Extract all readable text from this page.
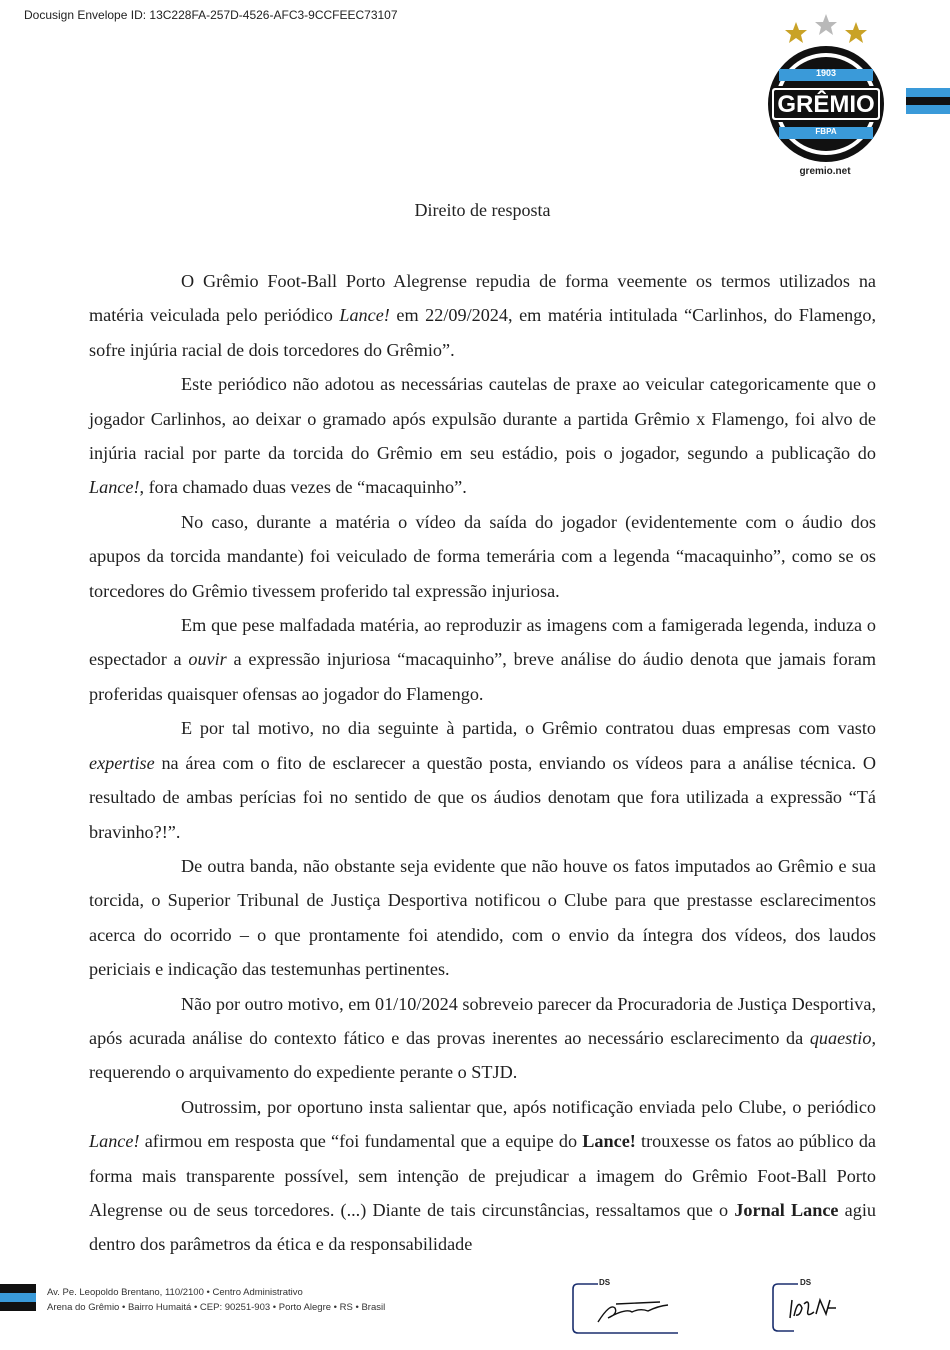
Docusign Envelope ID: 13C228FA-257D-4526-AFC3-9CCFEEC73107
1903
GRÊMIO
FBPA
gremio.net
Direito de resposta

O Grêmio Foot-Ball Porto Alegrense repudia de forma veemente os termos utilizados na matéria veiculada pelo periódico Lance! em 22/09/2024, em matéria intitulada “Carlinhos, do Flamengo, sofre injúria racial de dois torcedores do Grêmio”.

Este periódico não adotou as necessárias cautelas de praxe ao veicular categoricamente que o jogador Carlinhos, ao deixar o gramado após expulsão durante a partida Grêmio x Flamengo, foi alvo de injúria racial por parte da torcida do Grêmio em seu estádio, pois o jogador, segundo a publicação do Lance!, fora chamado duas vezes de “macaquinho”.

No caso, durante a matéria o vídeo da saída do jogador (evidentemente com o áudio dos apupos da torcida mandante) foi veiculado de forma temerária com a legenda “macaquinho”, como se os torcedores do Grêmio tivessem proferido tal expressão injuriosa.

Em que pese malfadada matéria, ao reproduzir as imagens com a famigerada legenda, induza o espectador a ouvir a expressão injuriosa “macaquinho”, breve análise do áudio denota que jamais foram proferidas quaisquer ofensas ao jogador do Flamengo.

E por tal motivo, no dia seguinte à partida, o Grêmio contratou duas empresas com vasto expertise na área com o fito de esclarecer a questão posta, enviando os vídeos para a análise técnica. O resultado de ambas perícias foi no sentido de que os áudios denotam que fora utilizada a expressão “Tá bravinho?!”.

De outra banda, não obstante seja evidente que não houve os fatos imputados ao Grêmio e sua torcida, o Superior Tribunal de Justiça Desportiva notificou o Clube para que prestasse esclarecimentos acerca do ocorrido – o que prontamente foi atendido, com o envio da íntegra dos vídeos, dos laudos periciais e indicação das testemunhas pertinentes.

Não por outro motivo, em 01/10/2024 sobreveio parecer da Procuradoria de Justiça Desportiva, após acurada análise do contexto fático e das provas inerentes ao necessário esclarecimento da quaestio, requerendo o arquivamento do expediente perante o STJD.

Outrossim, por oportuno insta salientar que, após notificação enviada pelo Clube, o periódico Lance! afirmou em resposta que “foi fundamental que a equipe do Lance! trouxesse os fatos ao público da forma mais transparente possível, sem intenção de prejudicar a imagem do Grêmio Foot-Ball Porto Alegrense ou de seus torcedores. (...) Diante de tais circunstâncias, ressaltamos que o Jornal Lance agiu dentro dos parâmetros da ética e da responsabilidade

Av. Pe. Leopoldo Brentano, 110/2100 • Centro Administrativo
Arena do Grêmio • Bairro Humaitá • CEP: 90251-903 • Porto Alegre • RS • Brasil
DS	DS
